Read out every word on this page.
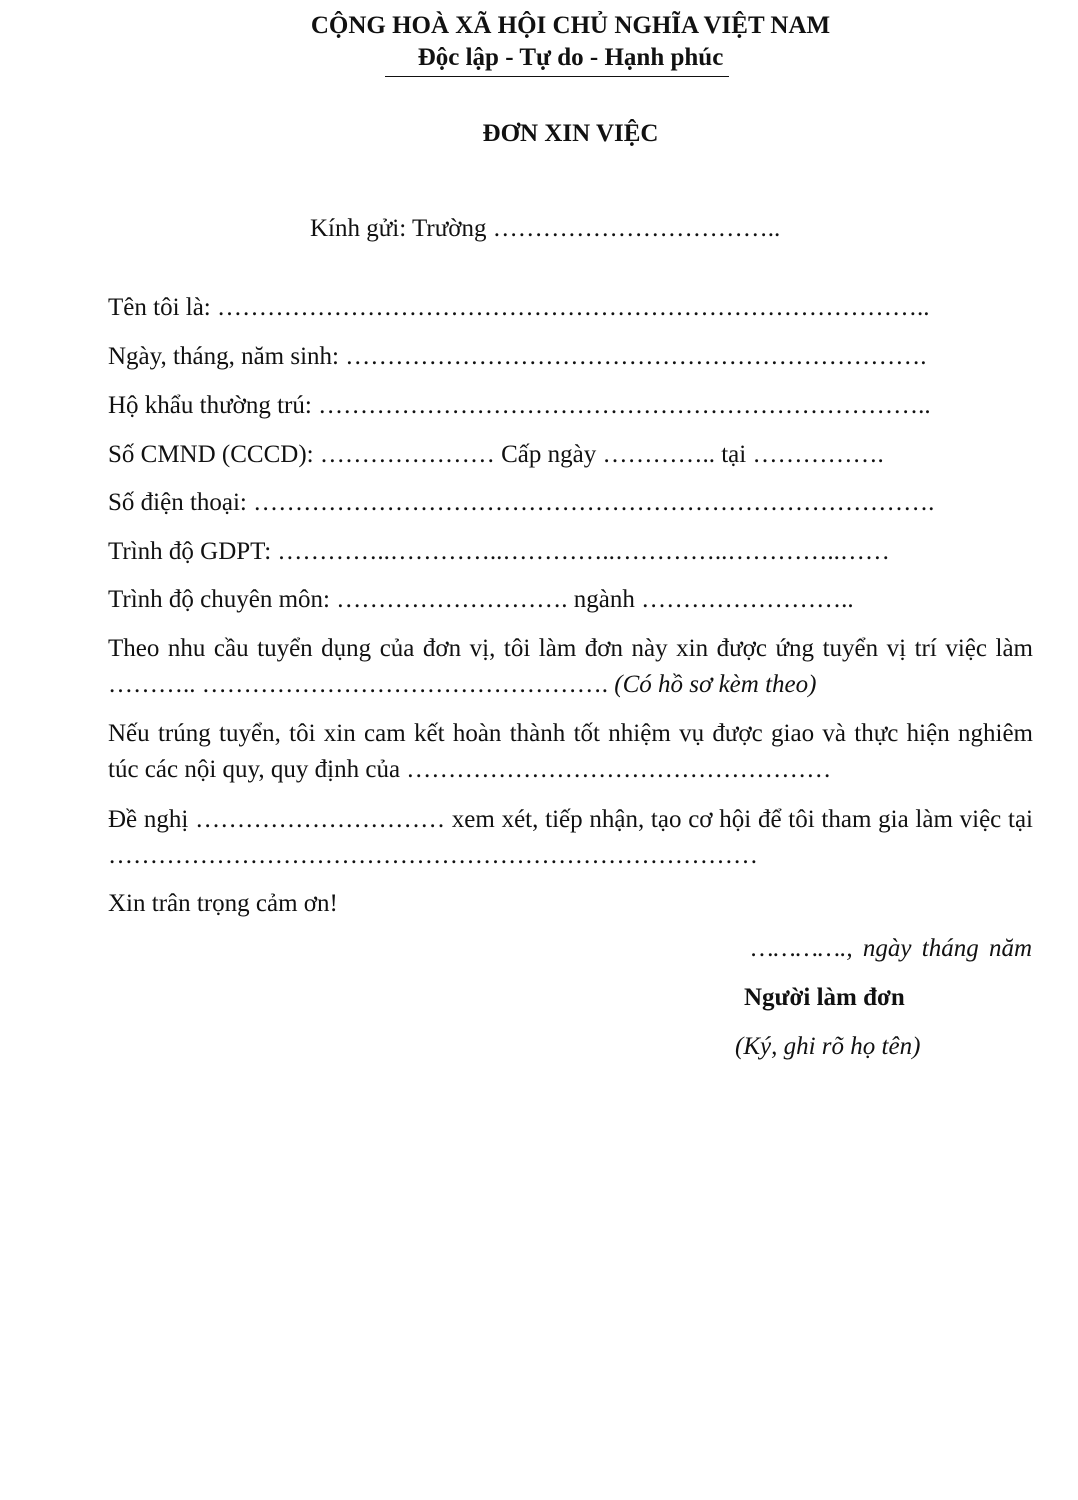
CỘNG HOÀ XÃ HỘI CHỦ NGHĨA VIỆT NAM
Độc lập - Tự do - Hạnh phúc
ĐƠN XIN VIỆC
Kính gửi: Trường ……………………………..
Tên tôi là: …………………………………………………………………………..
Ngày, tháng, năm sinh: …………………………………………………………….
Hộ khẩu thường trú: ………………………………………………………………..
Số CMND (CCCD): ………………… Cấp ngày ………….. tại …………….
Số điện thoại: ……………………………………………………………………….
Trình độ GDPT: …………..…………..…………..…………..…………..……
Trình độ chuyên môn: ………………………. ngành ……………………..
Theo nhu cầu tuyển dụng của đơn vị, tôi làm đơn này xin được ứng tuyển vị trí việc làm ……….. …………………………………………. (Có hồ sơ kèm theo)
Nếu trúng tuyển, tôi xin cam kết hoàn thành tốt nhiệm vụ được giao và thực hiện nghiêm túc các nội quy, quy định của ……………………………………………
Đề nghị ………………………… xem xét, tiếp nhận, tạo cơ hội để tôi tham gia làm việc tại ……………………………………………………………………
Xin trân trọng cảm ơn!
…………., ngày tháng năm
Người làm đơn
(Ký, ghi rõ họ tên)
